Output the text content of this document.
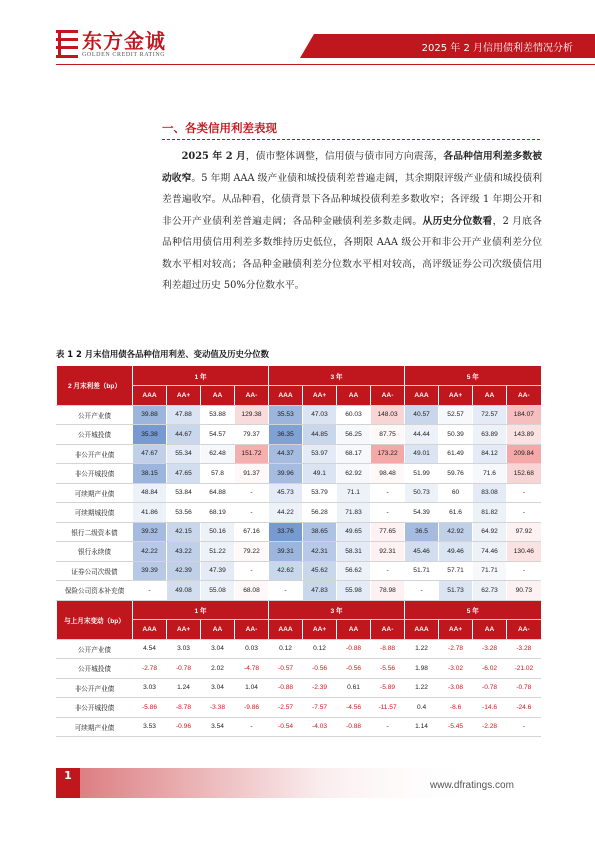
东方金诚
GOLDEN CREDIT RATING
2025 年 2 月信用债利差情况分析
一、各类信用利差表现
  2025 年 2 月，债市整体调整，信用债与债市同方向震荡，各品种信用利差多数被动收窄。5 年期 AAA 级产业债和城投债利差普遍走阔，其余期限评级产业债和城投债利差普遍收窄。从品种看，化债背景下各品种城投债利差多数收窄；各评级 1 年期公开和非公开产业债利差普遍走阔；各品种金融债利差多数走阔。从历史分位数看，2 月底各品种信用债信用利差多数维持历史低位，各期限 AAA 级公开和非公开产业债利差分位数水平相对较高；各品种金融债利差分位数水平相对较高，高评级证券公司次级债信用利差超过历史 50%分位数水平。
表 1 2 月末信用债各品种信用利差、变动值及历史分位数
2 月末利差（bp）	1 年				3 年				5 年			
	AAA	AA+	AA	AA-	AAA	AA+	AA	AA-	AAA	AA+	AA	AA-
公开产业债	39.88	47.88	53.88	129.38	35.53	47.03	60.03	148.03	40.57	52.57	72.57	184.07
公开城投债	35.38	44.67	54.57	79.37	36.35	44.85	56.25	87.75	44.44	50.39	63.89	143.89
非公开产业债	47.67	55.34	62.48	151.72	44.37	53.97	68.17	173.22	49.01	61.49	84.12	209.84
非公开城投债	38.15	47.65	57.8	91.37	39.96	49.1	62.92	98.48	51.99	59.76	71.6	152.68
可续期产业债	48.84	53.84	64.88	-	45.73	53.79	71.1	-	50.73	60	83.08	-
可续期城投债	41.86	53.56	68.19	-	44.22	56.28	71.83	-	54.39	61.6	81.82	-
银行二级资本债	39.32	42.15	50.16	67.16	33.76	38.65	49.65	77.65	36.5	42.92	64.92	97.92
银行永续债	42.22	43.22	51.22	79.22	39.31	42.31	58.31	92.31	45.46	49.46	74.46	130.46
证券公司次级债	39.39	42.39	47.39	-	42.62	45.62	56.62	-	51.71	57.71	71.71	-
保险公司资本补充债	-	49.08	55.08	68.08	-	47.83	55.98	78.98	-	51.73	62.73	90.73
与上月末变动（bp）	1 年				3 年				5 年			
	AAA	AA+	AA	AA-	AAA	AA+	AA	AA-	AAA	AA+	AA	AA-
公开产业债	4.54	3.03	3.04	0.03	0.12	0.12	-0.88	-8.88	1.22	-2.78	-3.28	-3.28
公开城投债	-2.78	-0.78	2.02	-4.78	-0.57	-0.56	-0.56	-5.56	1.98	-3.02	-6.02	-21.02
非公开产业债	3.03	1.24	3.04	1.04	-0.88	-2.39	0.61	-5.89	1.22	-3.08	-0.78	-0.78
非公开城投债	-5.86	-8.78	-3.38	-9.86	-2.57	-7.57	-4.56	-11.57	0.4	-8.6	-14.6	-24.6
可续期产业债	3.53	-0.96	3.54	-	-0.54	-4.03	-0.88	-	1.14	-5.45	-2.28	-
1
www.dfratings.com
